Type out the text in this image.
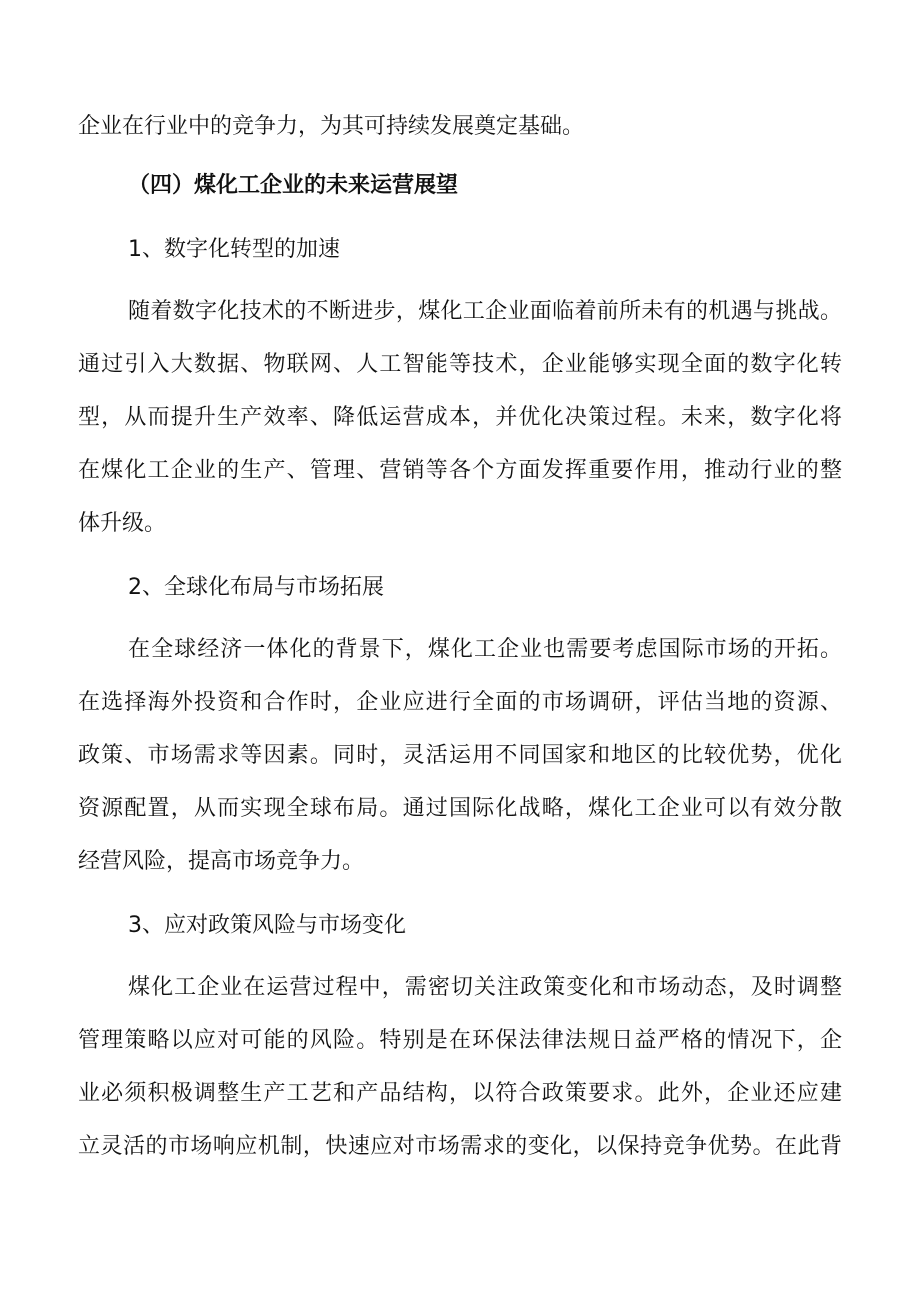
企业在行业中的竞争力，为其可持续发展奠定基础。
（四）煤化工企业的未来运营展望
1、数字化转型的加速
随着数字化技术的不断进步，煤化工企业面临着前所未有的机遇与挑战。
通过引入大数据、物联网、人工智能等技术，企业能够实现全面的数字化转
型，从而提升生产效率、降低运营成本，并优化决策过程。未来，数字化将
在煤化工企业的生产、管理、营销等各个方面发挥重要作用，推动行业的整
体升级。
2、全球化布局与市场拓展
在全球经济一体化的背景下，煤化工企业也需要考虑国际市场的开拓。
在选择海外投资和合作时，企业应进行全面的市场调研，评估当地的资源、
政策、市场需求等因素。同时，灵活运用不同国家和地区的比较优势，优化
资源配置，从而实现全球布局。通过国际化战略，煤化工企业可以有效分散
经营风险，提高市场竞争力。
3、应对政策风险与市场变化
煤化工企业在运营过程中，需密切关注政策变化和市场动态，及时调整
管理策略以应对可能的风险。特别是在环保法律法规日益严格的情况下，企
业必须积极调整生产工艺和产品结构，以符合政策要求。此外，企业还应建
立灵活的市场响应机制，快速应对市场需求的变化，以保持竞争优势。在此背
